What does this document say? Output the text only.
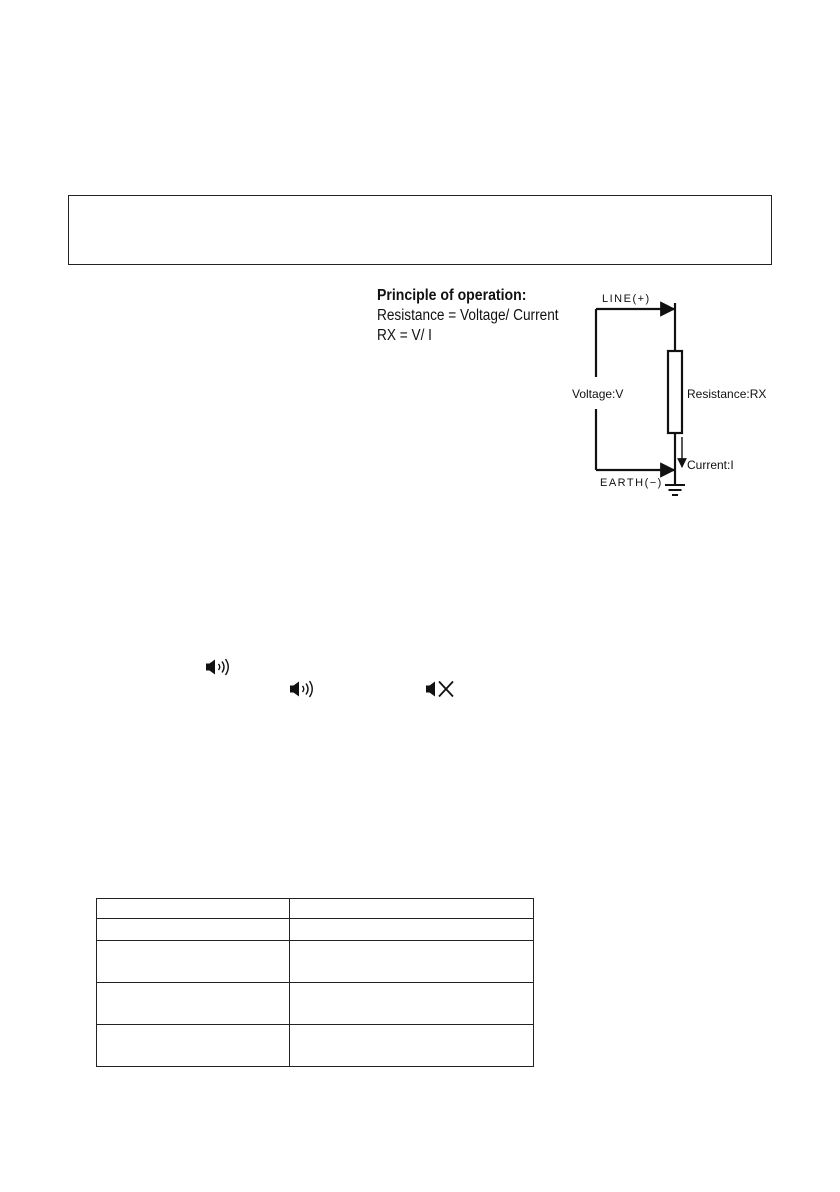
Principle of operation:
Resistance = Voltage/ Current
RX = V/ I
LINE(+)
Voltage:V	Resistance:RX
Current:I
EARTH(−)
